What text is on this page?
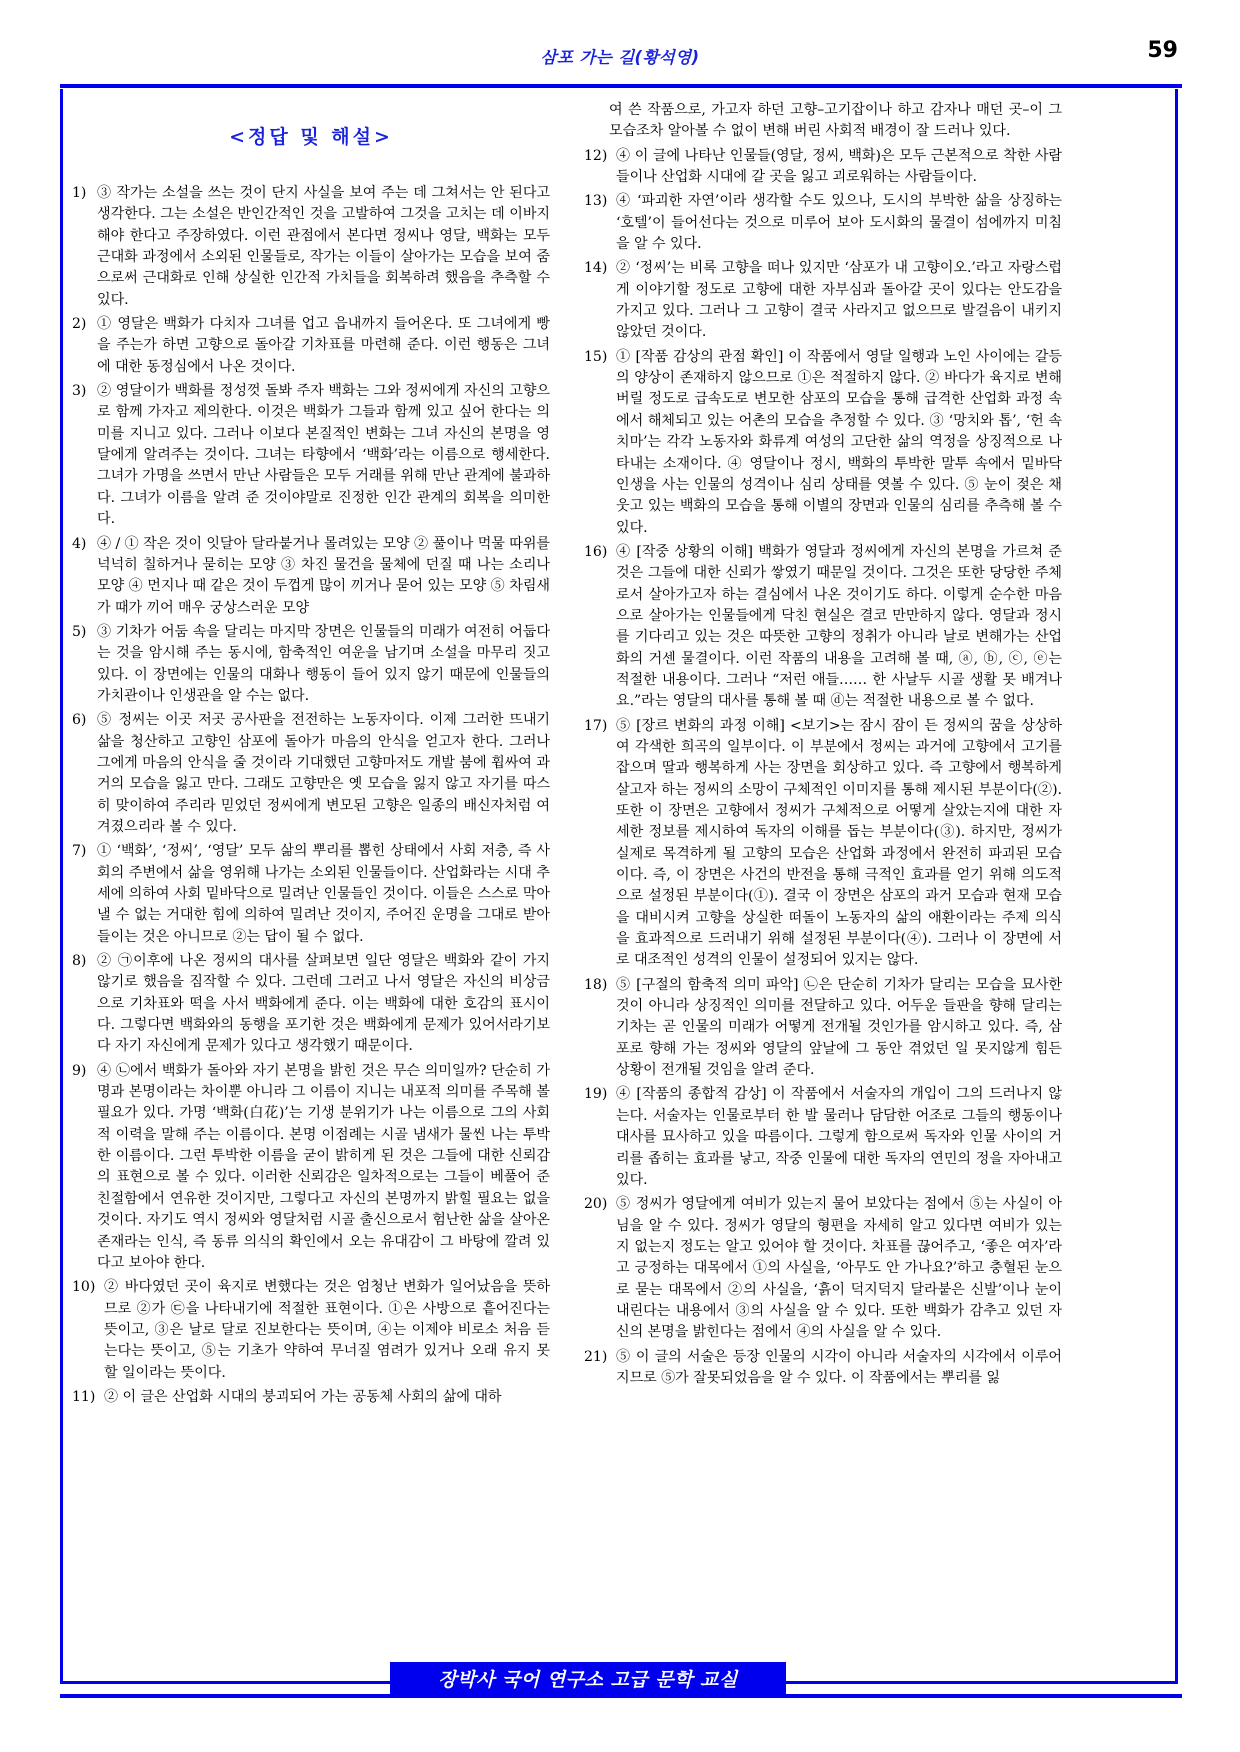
삼포 가는 길(황석영)	59
<정답 및 해설>
1) ③ 작가는 소설을 쓰는 것이 단지 사실을 보여 주는 데 그쳐서는 안 된다고 생각한다. 그는 소설은 반인간적인 것을 고발하여 그것을 고치는 데 이바지해야 한다고 주장하였다. 이런 관점에서 본다면 정씨나 영달, 백화는 모두 근대화 과정에서 소외된 인물들로, 작가는 이들이 살아가는 모습을 보여 줌으로써 근대화로 인해 상실한 인간적 가치들을 회복하려 했음을 추측할 수 있다.
2) ① 영달은 백화가 다치자 그녀를 업고 읍내까지 들어온다. 또 그녀에게 빵을 주는가 하면 고향으로 돌아갈 기차표를 마련해 준다. 이런 행동은 그녀에 대한 동정심에서 나온 것이다.
3) ② 영달이가 백화를 정성껏 돌봐 주자 백화는 그와 정씨에게 자신의 고향으로 함께 가자고 제의한다. 이것은 백화가 그들과 함께 있고 싶어 한다는 의미를 지니고 있다. 그러나 이보다 본질적인 변화는 그녀 자신의 본명을 영달에게 알려주는 것이다. 그녀는 타향에서 ‘백화’라는 이름으로 행세한다. 그녀가 가명을 쓰면서 만난 사람들은 모두 거래를 위해 만난 관계에 불과하다. 그녀가 이름을 알려 준 것이야말로 진정한 인간 관계의 회복을 의미한다.
4) ④ / ① 작은 것이 잇달아 달라붙거나 몰려있는 모양 ② 풀이나 먹물 따위를 넉넉히 칠하거나 묻히는 모양 ③ 차진 물건을 물체에 던질 때 나는 소리나 모양 ④ 먼지나 때 같은 것이 두껍게 많이 끼거나 묻어 있는 모양 ⑤ 차림새가 때가 끼어 매우 궁상스러운 모양
5) ③ 기차가 어둠 속을 달리는 마지막 장면은 인물들의 미래가 여전히 어둡다는 것을 암시해 주는 동시에, 함축적인 여운을 남기며 소설을 마무리 짓고 있다. 이 장면에는 인물의 대화나 행동이 들어 있지 않기 때문에 인물들의 가치관이나 인생관을 알 수는 없다.
6) ⑤ 정씨는 이곳 저곳 공사판을 전전하는 노동자이다. 이제 그러한 뜨내기 삶을 청산하고 고향인 삼포에 돌아가 마음의 안식을 얻고자 한다. 그러나 그에게 마음의 안식을 줄 것이라 기대했던 고향마저도 개발 붐에 휩싸여 과거의 모습을 잃고 만다. 그래도 고향만은 옛 모습을 잃지 않고 자기를 따스히 맞이하여 주리라 믿었던 정씨에게 변모된 고향은 일종의 배신자처럼 여겨졌으리라 볼 수 있다.
7) ① ‘백화’, ‘정씨’, ‘영달’ 모두 삶의 뿌리를 뽑힌 상태에서 사회 저층, 즉 사회의 주변에서 삶을 영위해 나가는 소외된 인물들이다. 산업화라는 시대 추세에 의하여 사회 밑바닥으로 밀려난 인물들인 것이다. 이들은 스스로 막아 낼 수 없는 거대한 힘에 의하여 밀려난 것이지, 주어진 운명을 그대로 받아들이는 것은 아니므로 ②는 답이 될 수 없다.
8) ② ㉠이후에 나온 정씨의 대사를 살펴보면 일단 영달은 백화와 같이 가지 않기로 했음을 짐작할 수 있다. 그런데 그러고 나서 영달은 자신의 비상금으로 기차표와 떡을 사서 백화에게 준다. 이는 백화에 대한 호감의 표시이다. 그렇다면 백화와의 동행을 포기한 것은 백화에게 문제가 있어서라기보다 자기 자신에게 문제가 있다고 생각했기 때문이다.
9) ④ ㉡에서 백화가 돌아와 자기 본명을 밝힌 것은 무슨 의미일까? 단순히 가명과 본명이라는 차이뿐 아니라 그 이름이 지니는 내포적 의미를 주목해 볼 필요가 있다. 가명 ‘백화(白花)’는 기생 분위기가 나는 이름으로 그의 사회적 이력을 말해 주는 이름이다. 본명 이점례는 시골 냄새가 물씬 나는 투박한 이름이다. 그런 투박한 이름을 굳이 밝히게 된 것은 그들에 대한 신뢰감의 표현으로 볼 수 있다. 이러한 신뢰감은 일차적으로는 그들이 베풀어 준 친절함에서 연유한 것이지만, 그렇다고 자신의 본명까지 밝힐 필요는 없을 것이다. 자기도 역시 정씨와 영달처럼 시골 출신으로서 험난한 삶을 살아온 존재라는 인식, 즉 동류 의식의 확인에서 오는 유대감이 그 바탕에 깔려 있다고 보아야 한다.
10) ② 바다였던 곳이 육지로 변했다는 것은 엄청난 변화가 일어났음을 뜻하므로 ②가 ㉢을 나타내기에 적절한 표현이다. ①은 사방으로 흩어진다는 뜻이고, ③은 날로 달로 진보한다는 뜻이며, ④는 이제야 비로소 처음 듣는다는 뜻이고, ⑤는 기초가 약하여 무너질 염려가 있거나 오래 유지 못 할 일이라는 뜻이다.
11) ② 이 글은 산업화 시대의 붕괴되어 가는 공동체 사회의 삶에 대하
여 쓴 작품으로, 가고자 하던 고향–고기잡이나 하고 감자나 매던 곳–이 그 모습조차 알아볼 수 없이 변해 버린 사회적 배경이 잘 드러나 있다.
12) ④ 이 글에 나타난 인물들(영달, 정씨, 백화)은 모두 근본적으로 착한 사람들이나 산업화 시대에 갈 곳을 잃고 괴로워하는 사람들이다.
13) ④ ‘파괴한 자연’이라 생각할 수도 있으나, 도시의 부박한 삶을 상징하는 ‘호텔’이 들어선다는 것으로 미루어 보아 도시화의 물결이 섬에까지 미침을 알 수 있다.
14) ② ‘정씨’는 비록 고향을 떠나 있지만 ‘삼포가 내 고향이오.’라고 자랑스럽게 이야기할 정도로 고향에 대한 자부심과 돌아갈 곳이 있다는 안도감을 가지고 있다. 그러나 그 고향이 결국 사라지고 없으므로 발걸음이 내키지 않았던 것이다.
15) ① [작품 감상의 관점 확인] 이 작품에서 영달 일행과 노인 사이에는 갈등의 양상이 존재하지 않으므로 ①은 적절하지 않다. ② 바다가 육지로 변해 버릴 정도로 급속도로 변모한 삼포의 모습을 통해 급격한 산업화 과정 속에서 해체되고 있는 어촌의 모습을 추정할 수 있다. ③ ‘망치와 톱’, ‘헌 속치마’는 각각 노동자와 화류계 여성의 고단한 삶의 역정을 상징적으로 나타내는 소재이다. ④ 영달이나 정시, 백화의 투박한 말투 속에서 밑바닥 인생을 사는 인물의 성격이나 심리 상태를 엿볼 수 있다. ⑤ 눈이 젖은 채 웃고 있는 백화의 모습을 통해 이별의 장면과 인물의 심리를 추측해 볼 수 있다.
16) ④ [작중 상황의 이해] 백화가 영달과 정씨에게 자신의 본명을 가르쳐 준 것은 그들에 대한 신뢰가 쌓였기 때문일 것이다. 그것은 또한 당당한 주체로서 살아가고자 하는 결심에서 나온 것이기도 하다. 이렇게 순수한 마음으로 살아가는 인물들에게 닥친 현실은 결코 만만하지 않다. 영달과 정시를 기다리고 있는 것은 따뜻한 고향의 정취가 아니라 날로 변해가는 산업화의 거센 물결이다. 이런 작품의 내용을 고려해 볼 때, ⓐ, ⓑ, ⓒ, ⓔ는 적절한 내용이다. 그러나 “저런 애들…… 한 사날두 시골 생활 못 배겨나요.”라는 영달의 대사를 통해 볼 때 ⓓ는 적절한 내용으로 볼 수 없다.
17) ⑤ [장르 변화의 과정 이해] <보기>는 잠시 잠이 든 정씨의 꿈을 상상하여 각색한 희곡의 일부이다. 이 부분에서 정씨는 과거에 고향에서 고기를 잡으며 딸과 행복하게 사는 장면을 회상하고 있다. 즉 고향에서 행복하게 살고자 하는 정씨의 소망이 구체적인 이미지를 통해 제시된 부분이다(②). 또한 이 장면은 고향에서 정씨가 구체적으로 어떻게 살았는지에 대한 자세한 정보를 제시하여 독자의 이해를 돕는 부분이다(③). 하지만, 정씨가 실제로 목격하게 될 고향의 모습은 산업화 과정에서 완전히 파괴된 모습이다. 즉, 이 장면은 사건의 반전을 통해 극적인 효과를 얻기 위해 의도적으로 설정된 부분이다(①). 결국 이 장면은 삼포의 과거 모습과 현재 모습을 대비시켜 고향을 상실한 떠돌이 노동자의 삶의 애환이라는 주제 의식을 효과적으로 드러내기 위해 설정된 부분이다(④). 그러나 이 장면에 서로 대조적인 성격의 인물이 설정되어 있지는 않다.
18) ⑤ [구절의 함축적 의미 파악] ㉡은 단순히 기차가 달리는 모습을 묘사한 것이 아니라 상징적인 의미를 전달하고 있다. 어두운 들판을 향해 달리는 기차는 곧 인물의 미래가 어떻게 전개될 것인가를 암시하고 있다. 즉, 삼포로 향해 가는 정씨와 영달의 앞날에 그 동안 겪었던 일 못지않게 힘든 상황이 전개될 것임을 알려 준다.
19) ④ [작품의 종합적 감상] 이 작품에서 서술자의 개입이 그의 드러나지 않는다. 서술자는 인물로부터 한 발 물러나 담담한 어조로 그들의 행동이나 대사를 묘사하고 있을 따름이다. 그렇게 함으로써 독자와 인물 사이의 거리를 좁히는 효과를 낳고, 작중 인물에 대한 독자의 연민의 정을 자아내고 있다.
20) ⑤ 정씨가 영달에게 여비가 있는지 물어 보았다는 점에서 ⑤는 사실이 아님을 알 수 있다. 정씨가 영달의 형편을 자세히 알고 있다면 여비가 있는지 없는지 정도는 알고 있어야 할 것이다. 차표를 끊어주고, ‘좋은 여자’라고 긍정하는 대목에서 ①의 사실을, ‘아무도 안 가나요?’하고 충혈된 눈으로 묻는 대목에서 ②의 사실을, ‘흙이 덕지덕지 달라붙은 신발’이나 눈이 내린다는 내용에서 ③의 사실을 알 수 있다. 또한 백화가 감추고 있던 자신의 본명을 밝힌다는 점에서 ④의 사실을 알 수 있다.
21) ⑤ 이 글의 서술은 등장 인물의 시각이 아니라 서술자의 시각에서 이루어지므로 ⑤가 잘못되었음을 알 수 있다. 이 작품에서는 뿌리를 잃
장박사 국어 연구소 고급 문학 교실
